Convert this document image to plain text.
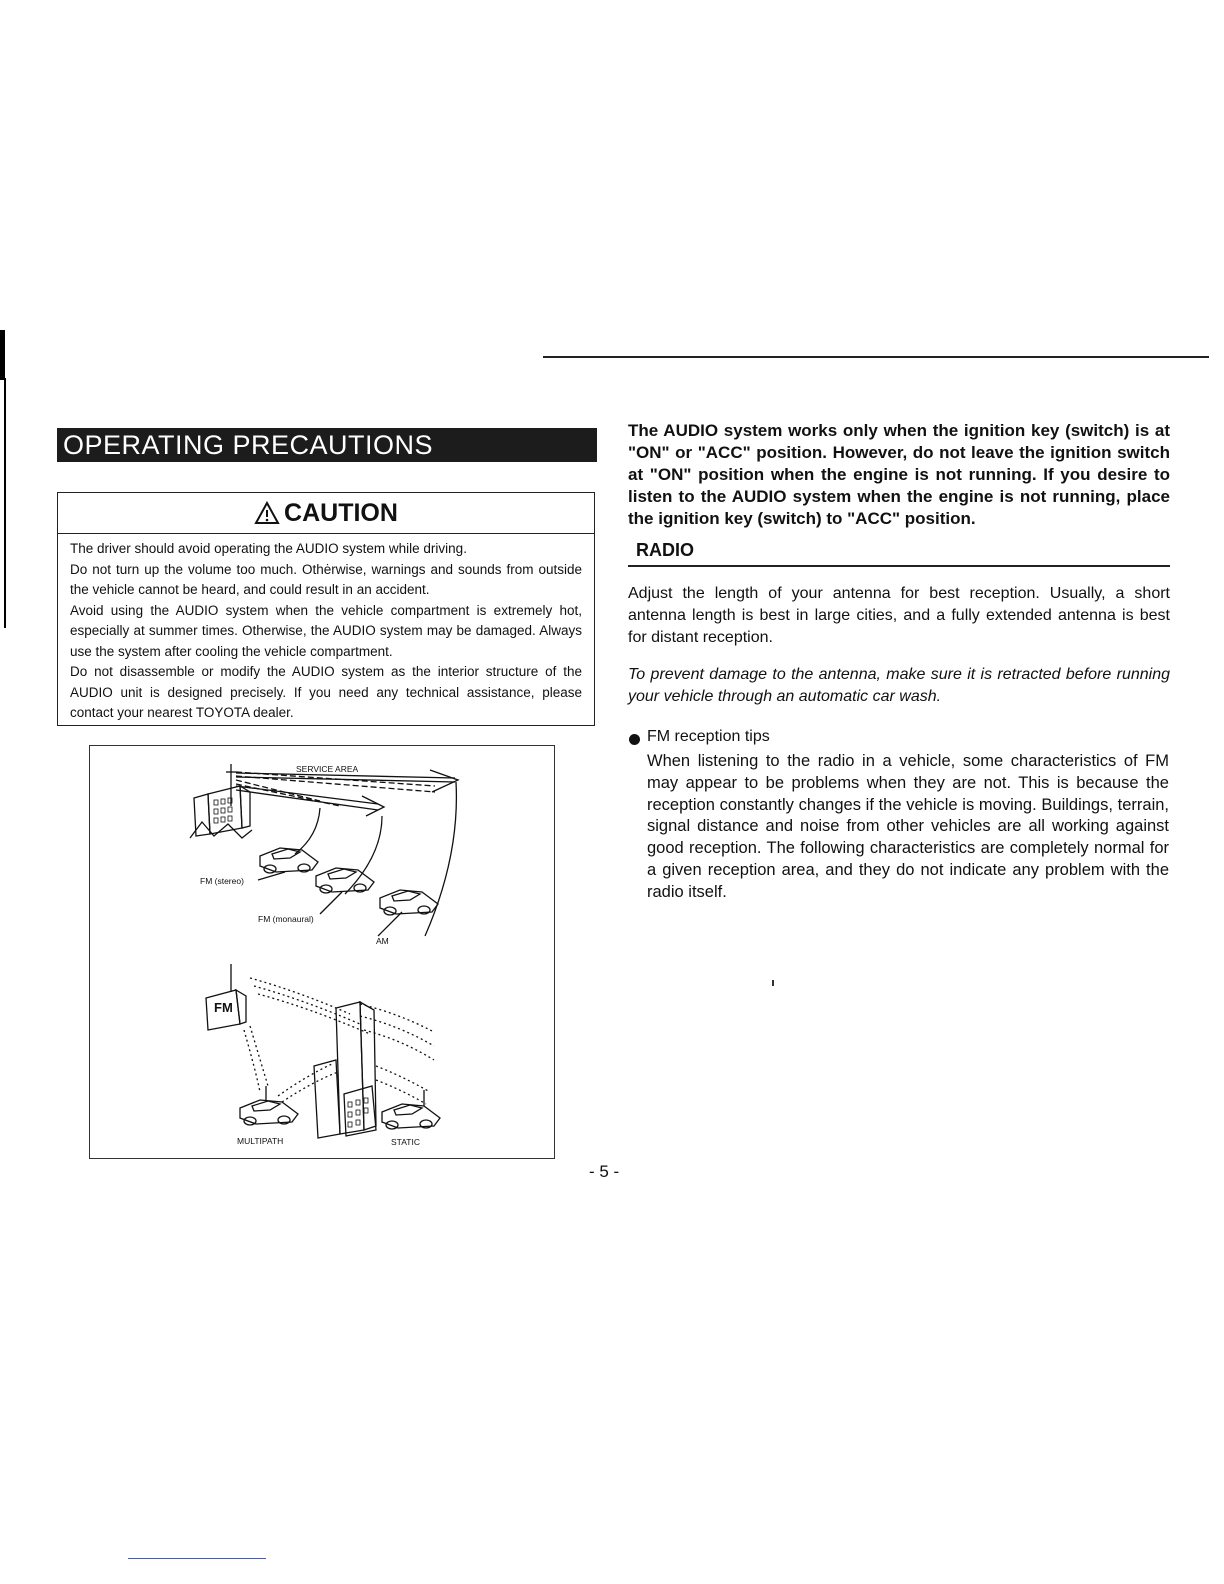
OPERATING PRECAUTIONS
CAUTION

The driver should avoid operating the AUDIO system while driving.

Do not turn up the volume too much. Othėrwise, warnings and sounds from outside the vehicle cannot be heard, and could result in an accident.

Avoid using the AUDIO system when the vehicle compartment is extremely hot, especially at summer times. Otherwise, the AUDIO system may be damaged. Always use the system after cooling the vehicle compartment.

Do not disassemble or modify the AUDIO system as the interior structure of the AUDIO unit is designed precisely. If you need any technical assistance, please contact your nearest TOYOTA dealer.

SERVICE AREA
FM (stereo)
FM (monaural)
AM
FM
MULTIPATH	STATIC

The AUDIO system works only when the ignition key (switch) is at "ON" or "ACC" position. However, do not leave the ignition switch at "ON" position when the engine is not running. If you desire to listen to the AUDIO system when the engine is not running, place the ignition key (switch) to "ACC" position.

RADIO

Adjust the length of your antenna for best reception. Usually, a short antenna length is best in large cities, and a fully extended antenna is best for distant reception.

To prevent damage to the antenna, make sure it is retracted before running your vehicle through an automatic car wash.

FM reception tips

When listening to the radio in a vehicle, some characteristics of FM may appear to be problems when they are not. This is because the reception constantly changes if the vehicle is moving. Buildings, terrain, signal distance and noise from other vehicles are all working against good reception. The following characteristics are completely normal for a given reception area, and they do not indicate any problem with the radio itself.

- 5 -
